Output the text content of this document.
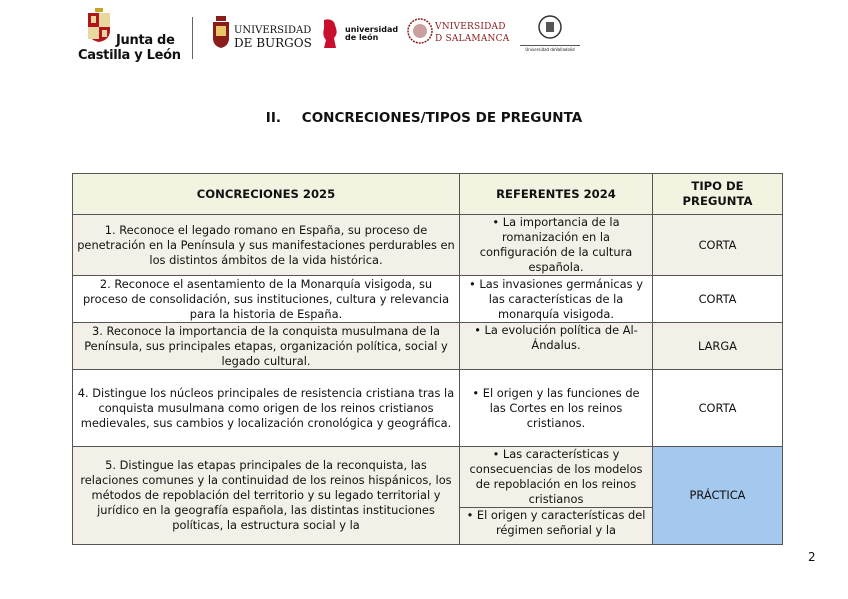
Junta de
Castilla y León
UNIVERSIDAD
DE BURGOS
universidad de león
VNIVERSIDAD
D SALAMANCA
Universidad deValladolid
II. CONCRECIONES/TIPOS DE PREGUNTA
CONCRECIONES 2025	REFERENTES 2024	TIPO DE PREGUNTA
1. Reconoce el legado romano en España, su proceso de penetración en la Península y sus manifestaciones perdurables en los distintos ámbitos de la vida histórica.	• La importancia de la romanización en la configuración de la cultura española.	CORTA
2. Reconoce el asentamiento de la Monarquía visigoda, su proceso de consolidación, sus instituciones, cultura y relevancia para la historia de España.	• Las invasiones germánicas y las características de la monarquía visigoda.	CORTA
3. Reconoce la importancia de la conquista musulmana de la Península, sus principales etapas, organización política, social y legado cultural.	• La evolución política de Al-Ándalus.	LARGA
4. Distingue los núcleos principales de resistencia cristiana tras la conquista musulmana como origen de los reinos cristianos medievales, sus cambios y localización cronológica y geográfica.	• El origen y las funciones de las Cortes en los reinos cristianos.	CORTA

5. Distingue las etapas principales de la reconquista, las relaciones comunes y la continuidad de los reinos hispánicos, los métodos de repoblación del territorio y su legado territorial y jurídico en la geografía española, las distintas instituciones políticas, la estructura social y la	• Las características y consecuencias de los modelos de repoblación en los reinos cristianos	PRÁCTICA
	• El origen y características del régimen señorial y la	
2
